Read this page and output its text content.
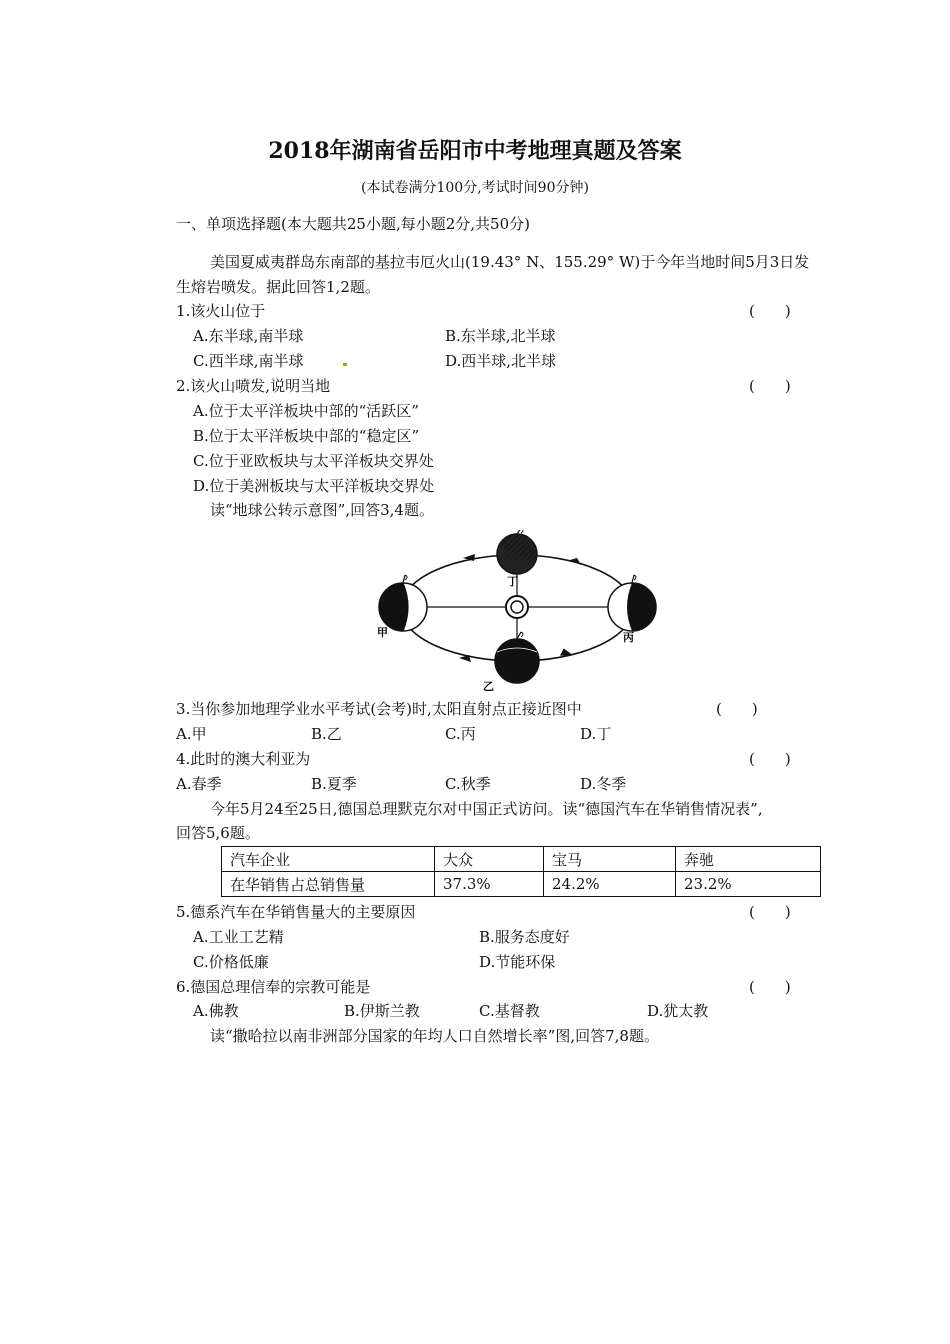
2018年湖南省岳阳市中考地理真题及答案
(本试卷满分100分,考试时间90分钟)
一、单项选择题(本大题共25小题,每小题2分,共50分)
美国夏威夷群岛东南部的基拉韦厄火山(19.43° N、155.29° W)于今年当地时间5月3日发
生熔岩喷发。据此回答1,2题。
1.该火山位于	(　　)
A.东半球,南半球	B.东半球,北半球
C.西半球,南半球	D.西半球,北半球
2.该火山喷发,说明当地	(　　)
A.位于太平洋板块中部的“活跃区”
B.位于太平洋板块中部的“稳定区”
C.位于亚欧板块与太平洋板块交界处
D.位于美洲板块与太平洋板块交界处
读“地球公转示意图”,回答3,4题。
丁
甲	丙
乙
3.当你参加地理学业水平考试(会考)时,太阳直射点正接近图中	(　　)
A.甲	B.乙	C.丙	D.丁
4.此时的澳大利亚为	(　　)
A.春季	B.夏季	C.秋季	D.冬季
今年5月24至25日,德国总理默克尔对中国正式访问。读“德国汽车在华销售情况表”,
回答5,6题。
汽车企业	大众	宝马	奔驰
在华销售占总销售量	37.3%	24.2%	23.2%
5.德系汽车在华销售量大的主要原因	(　　)
A.工业工艺精	B.服务态度好
C.价格低廉	D.节能环保
6.德国总理信奉的宗教可能是	(　　)
A.佛教	B.伊斯兰教	C.基督教	D.犹太教
读“撒哈拉以南非洲部分国家的年均人口自然增长率”图,回答7,8题。
